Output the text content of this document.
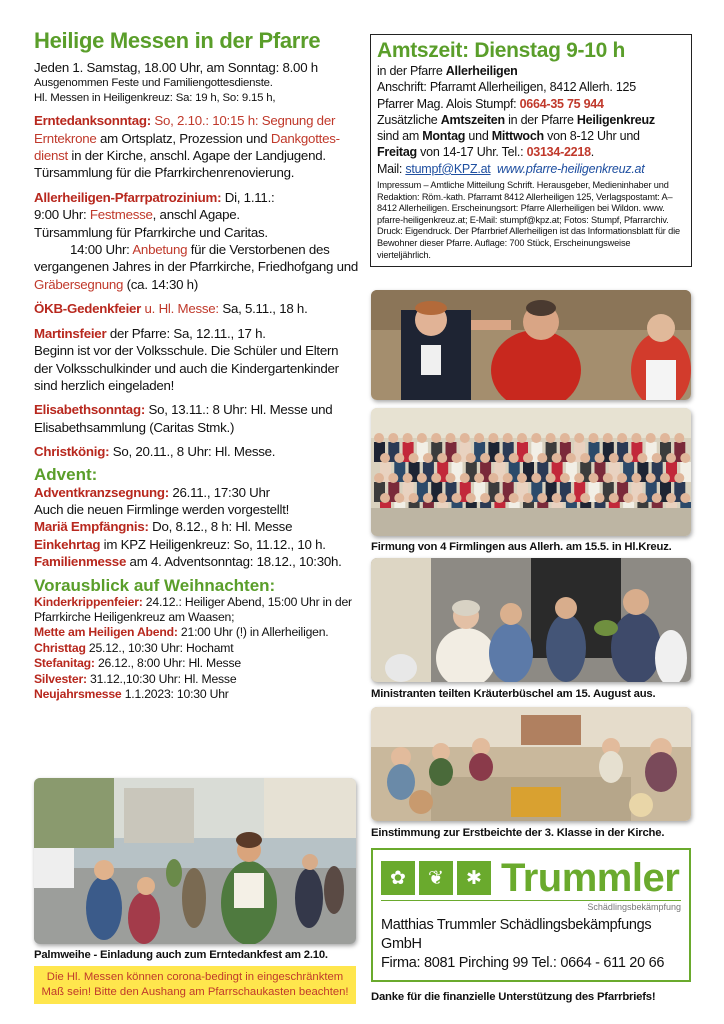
Heilige Messen in der Pfarre
Jeden 1. Samstag, 18.00 Uhr, am Sonntag: 8.00 h
Ausgenommen Feste und Familiengottesdienste.
Hl. Messen in Heiligenkreuz: Sa: 19 h, So: 9.15 h,
Erntedanksonntag: So, 2.10.: 10:15 h: Segnung der Erntekrone am Ortsplatz, Prozession und Dankgottesdienst in der Kirche, anschl. Agape der Landjugend. Türsammlung für die Pfarrkirchenrenovierung.
Allerheiligen-Pfarrpatrozinium: Di, 1.11.:
9:00 Uhr: Festmesse, anschl Agape.
Türsammlung für Pfarrkirche und Caritas.
14:00 Uhr: Anbetung für die Verstorbenen des vergangenen Jahres in der Pfarrkirche, Friedhofgang und Gräbersegnung (ca. 14:30 h)
ÖKB-Gedenkfeier u. Hl. Messe: Sa, 5.11., 18 h.
Martinsfeier der Pfarre: Sa, 12.11., 17 h.
Beginn ist vor der Volksschule. Die Schüler und Eltern der Volksschulkinder und auch die Kindergartenkinder sind herzlich eingeladen!
Elisabethsonntag: So, 13.11.: 8 Uhr: Hl. Messe und Elisabethsammlung (Caritas Stmk.)
Christkönig: So, 20.11., 8 Uhr: Hl. Messe.
Advent:
Adventkranzsegnung: 26.11., 17:30 Uhr
Auch die neuen Firmlinge werden vorgestellt!
Mariä Empfängnis: Do, 8.12., 8 h: Hl. Messe
Einkehrtag im KPZ Heiligenkreuz: So, 11.12., 10 h.
Familienmesse am 4. Adventsonntag: 18.12., 10:30h.
Vorausblick auf Weihnachten:
Kinderkrippenfeier: 24.12.: Heiliger Abend, 15:00 Uhr in der Pfarrkirche Heiligenkreuz am Waasen;
Mette am Heiligen Abend: 21:00 Uhr (!) in Allerheiligen.
Christtag 25.12., 10:30 Uhr: Hochamt
Stefanitag: 26.12., 8:00 Uhr: Hl. Messe
Silvester: 31.12.,10:30 Uhr: Hl. Messe
Neujahrsmesse 1.1.2023: 10:30 Uhr
Palmweihe - Einladung auch zum Erntedankfest am 2.10.
Die Hl. Messen können corona-bedingt in eingeschränktem Maß sein! Bitte den Aushang am Pfarrschaukasten beachten!
Amtszeit: Dienstag 9-10 h
in der Pfarre Allerheiligen
Anschrift: Pfarramt Allerheiligen, 8412 Allerh. 125
Pfarrer Mag. Alois Stumpf: 0664-35 75 944
Zusätzliche Amtszeiten in der Pfarre Heiligenkreuz
sind am Montag und Mittwoch von 8-12 Uhr und
Freitag von 14-17 Uhr. Tel.: 03134-2218.
Mail: stumpf@KPZ.at www.pfarre-heiligenkreuz.at
Impressum – Amtliche Mitteilung Schrift. Herausgeber, Medieninhaber und Redaktion: Röm.-kath. Pfarramt 8412 Allerheiligen 125, Verlagspostamt: A–8412 Allerheiligen. Erscheinungsort: Pfarre Allerheiligen bei Wildon. www. pfarre-heiligenkreuz.at; E-Mail: stumpf@kpz.at; Fotos: Stumpf, Pfarrarchiv. Druck: Eigendruck. Der Pfarrbrief Allerheiligen ist das Informationsblatt für die Bewohner dieser Pfarre. Auflage: 700 Stück, Erscheinungsweise vierteljährlich.
Firmung von 4 Firmlingen aus Allerh. am 15.5. in Hl.Kreuz.
Ministranten teilten Kräuterbüschel am 15. August aus.
Einstimmung zur Erstbeichte der 3. Klasse in der Kirche.
✿	❦	✱ Trummler
Schädlingsbekämpfung
Matthias Trummler Schädlingsbekämpfungs GmbH
Firma: 8081 Pirching 99 Tel.: 0664 - 611 20 66
Danke für die finanzielle Unterstützung des Pfarrbriefs!
